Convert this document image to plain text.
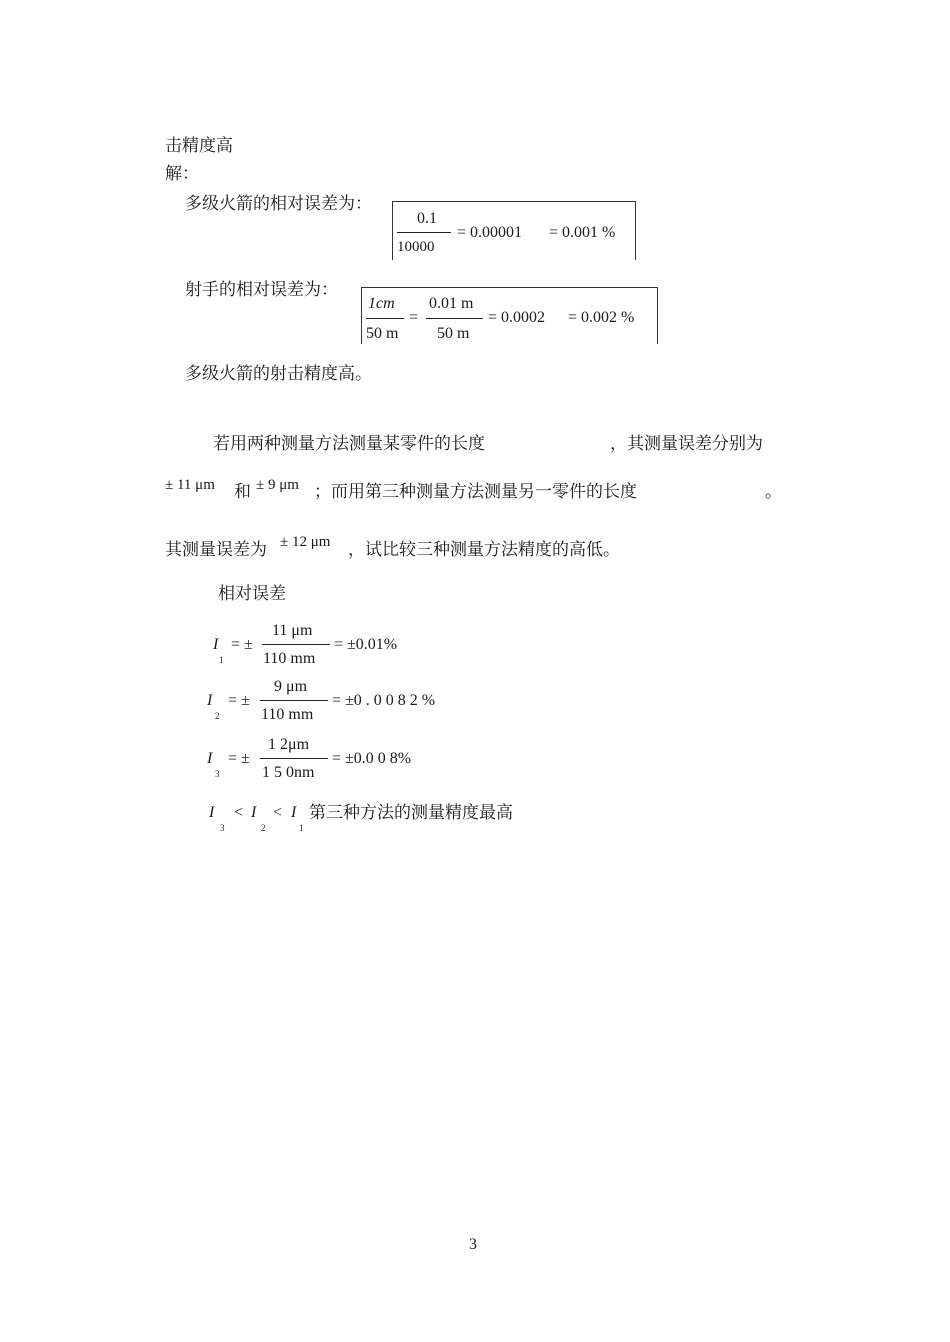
击精度高
解：
多级火箭的相对误差为：
0.1
10000
= 0.00001 = 0.001 %
射手的相对误差为：
1cm
50 m
=
0.01 m
50 m
= 0.0002 = 0.002 %
多级火箭的射击精度高。
若用两种测量方法测量某零件的长度	，其测量误差分别为
± 11 μm 和 ± 9 μm ；而用第三种测量方法测量另一零件的长度	。
其测量误差为 ± 12 μm ，试比较三种测量方法精度的高低。
相对误差
I
1
= ±
11 μm
110 mm
= ±0.01%
I
2
= ±
9 μm
110 mm
= ±0 . 0 0 8 2 %
I
3
= ±
1 2μm
1 5 0nm
= ±0.0 0 8%
I
3
< I
2
< I
1
第三种方法的测量精度最高
3
